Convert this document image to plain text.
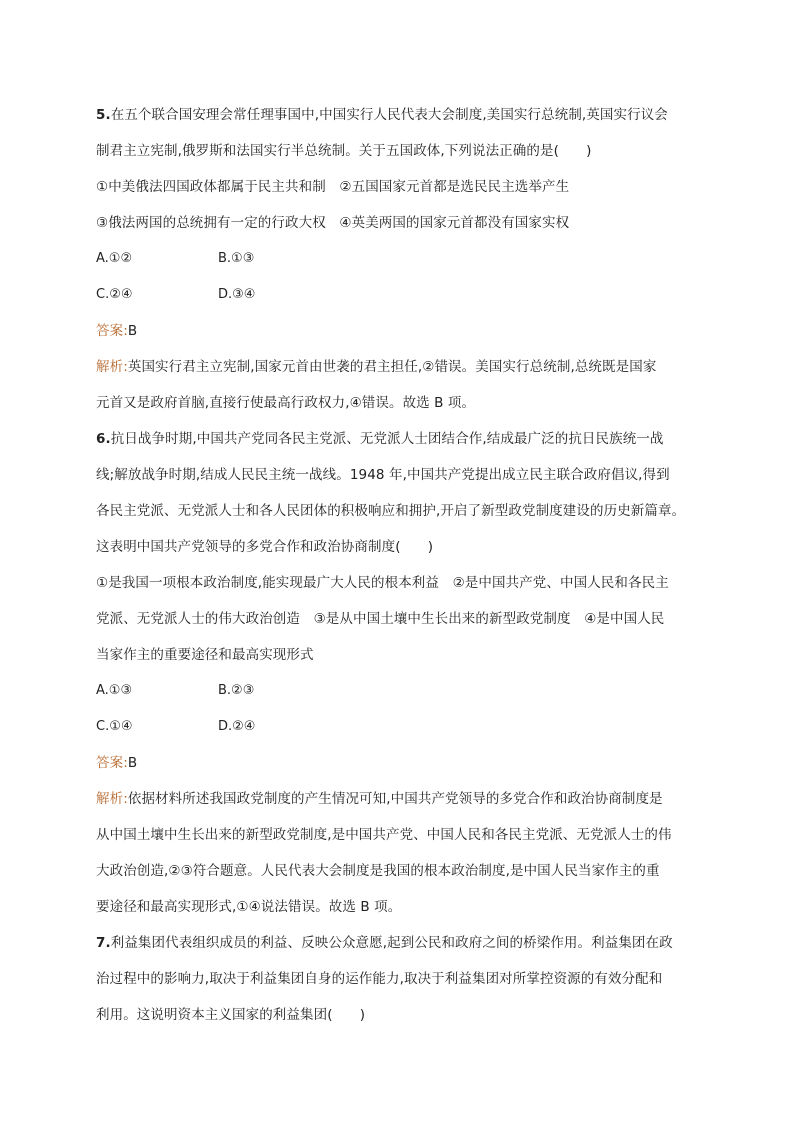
5.在五个联合国安理会常任理事国中,中国实行人民代表大会制度,美国实行总统制,英国实行议会
制君主立宪制,俄罗斯和法国实行半总统制。关于五国政体,下列说法正确的是(　　)
①中美俄法四国政体都属于民主共和制　②五国国家元首都是选民民主选举产生
③俄法两国的总统拥有一定的行政大权　④英美两国的国家元首都没有国家实权
A.①②	B.①③
C.②④	D.③④
答案:B
解析:英国实行君主立宪制,国家元首由世袭的君主担任,②错误。美国实行总统制,总统既是国家
元首又是政府首脑,直接行使最高行政权力,④错误。故选 B 项。
6.抗日战争时期,中国共产党同各民主党派、无党派人士团结合作,结成最广泛的抗日民族统一战
线;解放战争时期,结成人民民主统一战线。1948 年,中国共产党提出成立民主联合政府倡议,得到
各民主党派、无党派人士和各人民团体的积极响应和拥护,开启了新型政党制度建设的历史新篇章。
这表明中国共产党领导的多党合作和政治协商制度(　　)
①是我国一项根本政治制度,能实现最广大人民的根本利益　②是中国共产党、中国人民和各民主
党派、无党派人士的伟大政治创造　③是从中国土壤中生长出来的新型政党制度　④是中国人民
当家作主的重要途径和最高实现形式
A.①③	B.②③
C.①④	D.②④
答案:B
解析:依据材料所述我国政党制度的产生情况可知,中国共产党领导的多党合作和政治协商制度是
从中国土壤中生长出来的新型政党制度,是中国共产党、中国人民和各民主党派、无党派人士的伟
大政治创造,②③符合题意。人民代表大会制度是我国的根本政治制度,是中国人民当家作主的重
要途径和最高实现形式,①④说法错误。故选 B 项。
7.利益集团代表组织成员的利益、反映公众意愿,起到公民和政府之间的桥梁作用。利益集团在政
治过程中的影响力,取决于利益集团自身的运作能力,取决于利益集团对所掌控资源的有效分配和
利用。这说明资本主义国家的利益集团(　　)
